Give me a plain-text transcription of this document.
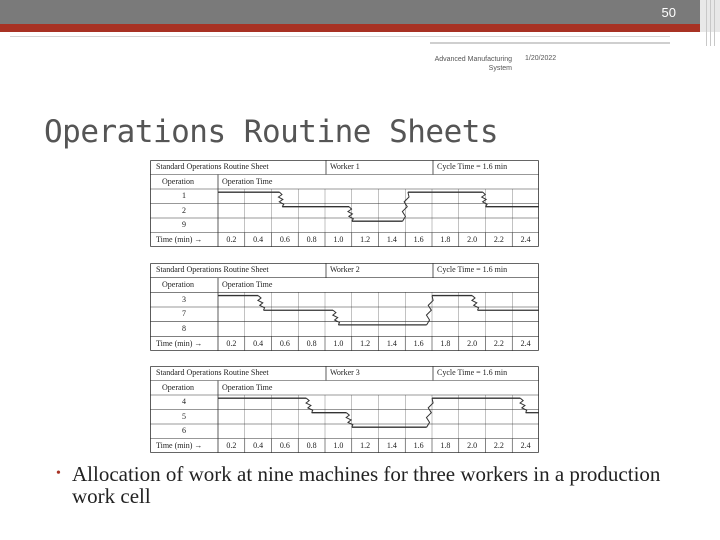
50
Advanced Manufacturing System
1/20/2022
Operations Routine Sheets
Standard Operations Routine Sheet	Worker 1	Cycle Time = 1.6 min
Operation	Operation Time
1
2
9
Time (min) →	0.2	0.4	0.6	0.8	1.0	1.2	1.4	1.6	1.8	2.0	2.2	2.4
Standard Operations Routine Sheet	Worker 2	Cycle Time = 1.6 min
Operation	Operation Time
3
7
8
Time (min) →	0.2	0.4	0.6	0.8	1.0	1.2	1.4	1.6	1.8	2.0	2.2	2.4
Standard Operations Routine Sheet	Worker 3	Cycle Time = 1.6 min
Operation	Operation Time
4
5
6
Time (min) →	0.2	0.4	0.6	0.8	1.0	1.2	1.4	1.6	1.8	2.0	2.2	2.4
• Allocation of work at nine machines for three workers in a production work cell
